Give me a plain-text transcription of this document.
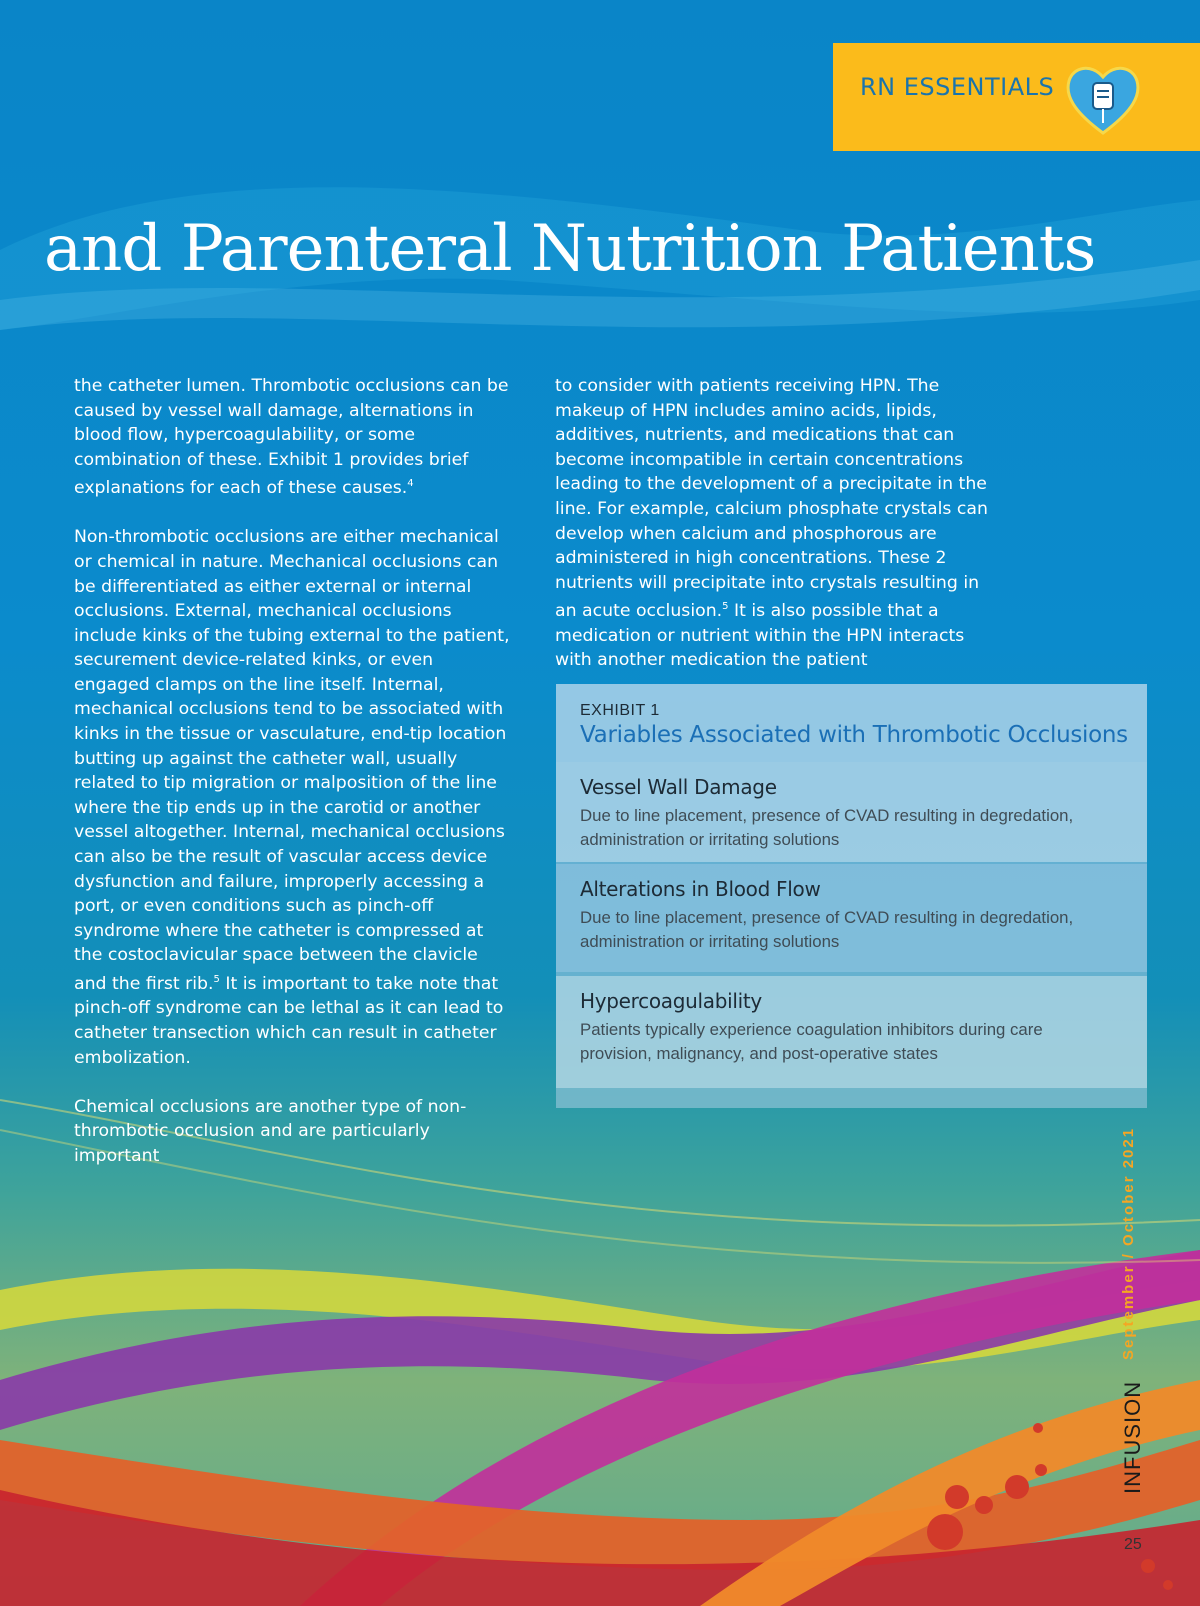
RN ESSENTIALS
and Parenteral Nutrition Patients

the catheter lumen. Thrombotic occlusions can be caused by vessel wall damage, alternations in blood flow, hypercoagulability, or some combination of these. Exhibit 1 provides brief explanations for each of these causes.$^4$

Non-thrombotic occlusions are either mechanical or chemical in nature. Mechanical occlusions can be differentiated as either external or internal occlusions. External, mechanical occlusions include kinks of the tubing external to the patient, securement device-related kinks, or even engaged clamps on the line itself. Internal, mechanical occlusions tend to be associated with kinks in the tissue or vasculature, end-tip location butting up against the catheter wall, usually related to tip migration or malposition of the line where the tip ends up in the carotid or another vessel altogether. Internal, mechanical occlusions can also be the result of vascular access device dysfunction and failure, improperly accessing a port, or even conditions such as pinch-off syndrome where the catheter is compressed at the costoclavicular space between the clavicle and the first rib.$^5$ It is important to take note that pinch-off syndrome can be lethal as it can lead to catheter transection which can result in catheter embolization.

Chemical occlusions are another type of non-thrombotic occlusion and are particularly important

to consider with patients receiving HPN. The makeup of HPN includes amino acids, lipids, additives, nutrients, and medications that can become incompatible in certain concentrations leading to the development of a precipitate in the line. For example, calcium phosphate crystals can develop when calcium and phosphorous are administered in high concentrations. These 2 nutrients will precipitate into crystals resulting in an acute occlusion.$^5$ It is also possible that a medication or nutrient within the HPN interacts with another medication the patient

EXHIBIT 1
Variables Associated with Thrombotic Occlusions
Vessel Wall Damage
Due to line placement, presence of CVAD resulting in degredation, administration or irritating solutions
Alterations in Blood Flow
Due to line placement, presence of CVAD resulting in degredation, administration or irritating solutions
Hypercoagulability
Patients typically experience coagulation inhibitors during care provision, malignancy, and post-operative states
September / October 2021
INFUSION
25
